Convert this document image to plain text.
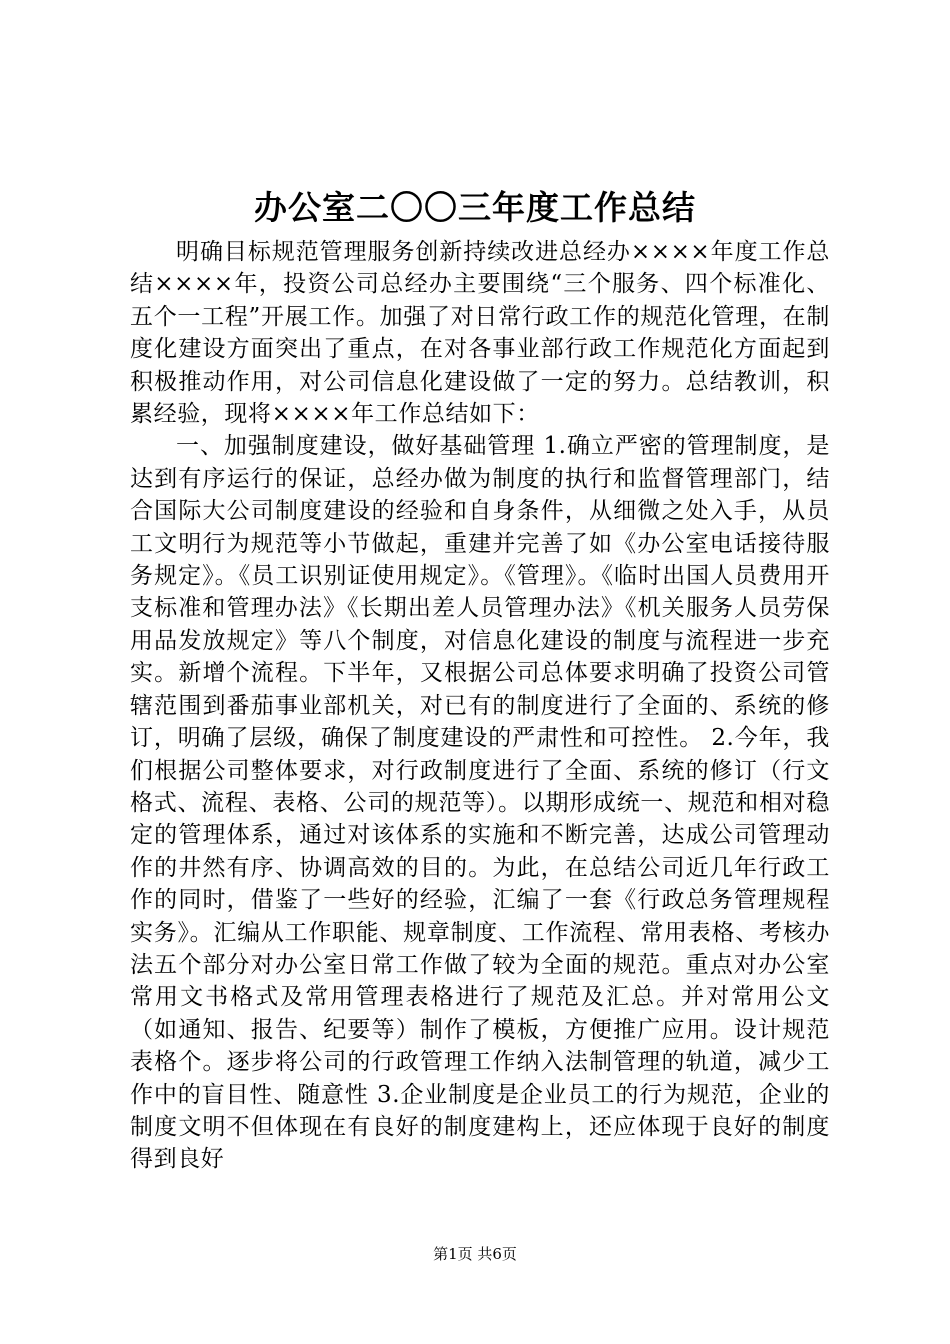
办公室二〇〇三年度工作总结

明确目标规范管理服务创新持续改进总经办××××年度工作总结××××年，投资公司总经办主要围绕“三个服务、四个标准化、五个一工程”开展工作。加强了对日常行政工作的规范化管理，在制度化建设方面突出了重点，在对各事业部行政工作规范化方面起到积极推动作用，对公司信息化建设做了一定的努力。总结教训，积累经验，现将××××年工作总结如下：

一、加强制度建设，做好基础管理 1.确立严密的管理制度，是达到有序运行的保证，总经办做为制度的执行和监督管理部门，结合国际大公司制度建设的经验和自身条件，从细微之处入手，从员工文明行为规范等小节做起，重建并完善了如《办公室电话接待服务规定》。《员工识别证使用规定》。《管理》。《临时出国人员费用开支标准和管理办法》《长期出差人员管理办法》《机关服务人员劳保用品发放规定》等八个制度，对信息化建设的制度与流程进一步充实。新增个流程。下半年，又根据公司总体要求明确了投资公司管辖范围到番茄事业部机关，对已有的制度进行了全面的、系统的修订，明确了层级，确保了制度建设的严肃性和可控性。 2.今年，我们根据公司整体要求，对行政制度进行了全面、系统的修订（行文格式、流程、表格、公司的规范等）。以期形成统一、规范和相对稳定的管理体系，通过对该体系的实施和不断完善，达成公司管理动作的井然有序、协调高效的目的。为此，在总结公司近几年行政工作的同时，借鉴了一些好的经验，汇编了一套《行政总务管理规程实务》。汇编从工作职能、规章制度、工作流程、常用表格、考核办法五个部分对办公室日常工作做了较为全面的规范。重点对办公室常用文书格式及常用管理表格进行了规范及汇总。并对常用公文（如通知、报告、纪要等）制作了模板，方便推广应用。设计规范表格个。逐步将公司的行政管理工作纳入法制管理的轨道，减少工作中的盲目性、随意性 3.企业制度是企业员工的行为规范，企业的制度文明不但体现在有良好的制度建构上，还应体现于良好的制度得到良好

第1页 共6页
